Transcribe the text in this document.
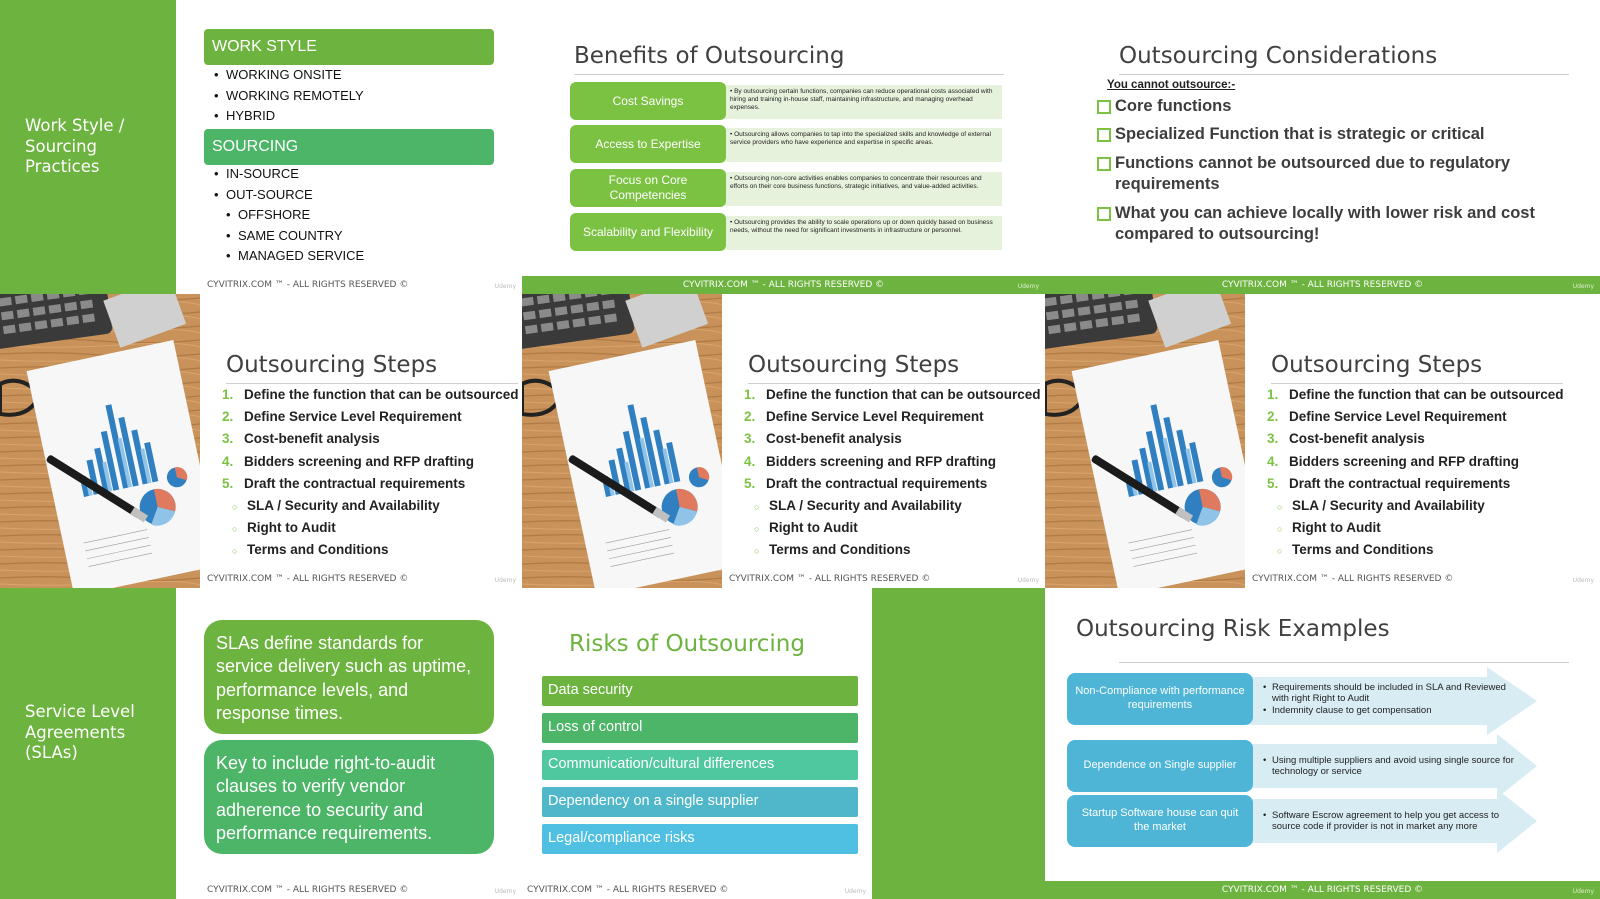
Work Style / Sourcing Practices
WORK STYLE
• WORKING ONSITE
• WORKING REMOTELY
• HYBRID
SOURCING
• IN-SOURCE
• OUT-SOURCE
• OFFSHORE
• SAME COUNTRY
• MANAGED SERVICE
CYVITRIX.COM ™ - ALL RIGHTS RESERVED ©	Udemy
Benefits of Outsourcing
• By outsourcing certain functions, companies can reduce operational costs associated with hiring and training in-house staff, maintaining infrastructure, and managing overhead expenses.
Cost Savings
• Outsourcing allows companies to tap into the specialized skills and knowledge of external service providers who have experience and expertise in specific areas.
Access to Expertise
• Outsourcing non-core activities enables companies to concentrate their resources and efforts on their core business functions, strategic initiatives, and value-added activities.
Focus on Core Competencies
• Outsourcing provides the ability to scale operations up or down quickly based on business needs, without the need for significant investments in infrastructure or personnel.
Scalability and Flexibility
CYVITRIX.COM ™ - ALL RIGHTS RESERVED ©	Udemy
Outsourcing Considerations
You cannot outsource:-
Core functions
Specialized Function that is strategic or critical
Functions cannot be outsourced due to regulatory requirements
What you can achieve locally with lower risk and cost compared to outsourcing!
CYVITRIX.COM ™ - ALL RIGHTS RESERVED ©	Udemy
Outsourcing Steps
1. Define the function that can be outsourced
2. Define Service Level Requirement
3. Cost-benefit analysis
4. Bidders screening and RFP drafting
5. Draft the contractual requirements
○ SLA / Security and Availability
○ Right to Audit
○ Terms and Conditions
CYVITRIX.COM ™ - ALL RIGHTS RESERVED ©	Udemy
Outsourcing Steps
1. Define the function that can be outsourced
2. Define Service Level Requirement
3. Cost-benefit analysis
4. Bidders screening and RFP drafting
5. Draft the contractual requirements
○ SLA / Security and Availability
○ Right to Audit
○ Terms and Conditions
CYVITRIX.COM ™ - ALL RIGHTS RESERVED ©	Udemy
Outsourcing Steps
1. Define the function that can be outsourced
2. Define Service Level Requirement
3. Cost-benefit analysis
4. Bidders screening and RFP drafting
5. Draft the contractual requirements
○ SLA / Security and Availability
○ Right to Audit
○ Terms and Conditions
CYVITRIX.COM ™ - ALL RIGHTS RESERVED ©	Udemy
Service Level Agreements (SLAs)
SLAs define standards for service delivery such as uptime, performance levels, and response times.
Key to include right-to-audit clauses to verify vendor adherence to security and performance requirements.
CYVITRIX.COM ™ - ALL RIGHTS RESERVED ©	Udemy
Risks of Outsourcing
Data security
Loss of control
Communication/cultural differences
Dependency on a single supplier
Legal/compliance risks
CYVITRIX.COM ™ - ALL RIGHTS RESERVED ©	Udemy
Outsourcing Risk Examples
Non-Compliance with performance requirements
• Requirements should be included in SLA and Reviewed with right Right to Audit
• Indemnity clause to get compensation
Dependence on Single supplier
•	Using multiple suppliers and avoid using single source for technology or service
Startup Software house can quit the market
• Software Escrow agreement to help you get access to source code if provider is not in market any more
CYVITRIX.COM ™ - ALL RIGHTS RESERVED ©	Udemy
